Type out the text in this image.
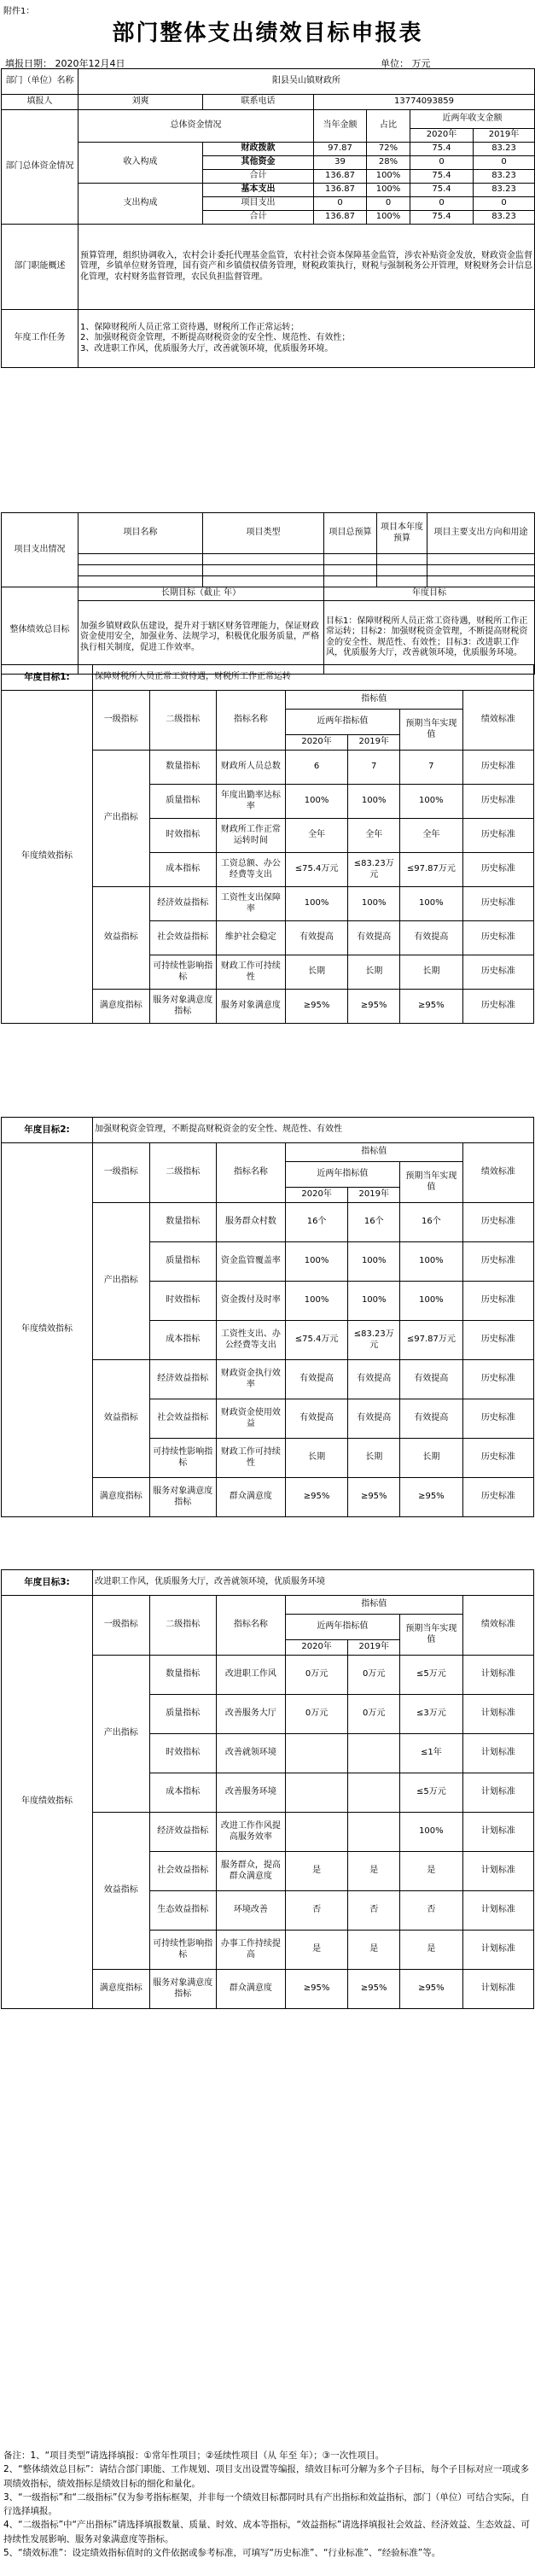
附件1：
部门整体支出绩效目标申报表
填报日期： 2020年12月4日	单位： 万元
部门（单位）名称	阳县吴山镇财政所					
填报人	刘爽	联系电话	13774093859			
部门总体资金情况	总体资金情况		当年金额	占比	近两年收支金额	
					2020年	2019年
	收入构成	财政拨款	97.87	72%	75.4	83.23
		其他资金	39	28%	0	0
		合计	136.87	100%	75.4	83.23
	支出构成	基本支出	136.87	100%	75.4	83.23
		项目支出	0	0	0	0
		合计	136.87	100%	75.4	83.23
部门职能概述	预算管理，组织协调收入，农村会计委托代理基金监管，农村社会资本保障基金监管，涉农补贴资金发放，财政资金监督管理，乡镇单位财务管理，国有资产和乡镇债权债务管理，财税政策执行，财税与强制税务公开管理，财税财务会计信息化管理，农村财务监督管理，农民负担监督管理。					
年度工作任务	1、保障财税所人员正常工资待遇，财税所工作正常运转；
2、加强财税资金管理，不断提高财税资金的安全性、规范性、有效性；
3、改进职工作风，优质服务大厅，改善就领环境，优质服务环境。					
项目支出情况	项目名称	项目类型	项目总预算	项目本年度预算	项目主要支出方向和用途

整体绩效总目标	长期目标（截止 年）		年度目标		
	加强乡镇财政队伍建设，提升对于辖区财务管理能力，保证财政资金使用安全，加强业务、法规学习，积极优化服务质量，严格执行相关制度，促进工作效率。		目标1：保障财税所人员正常工资待遇，财税所工作正常运转；目标2：加强财税资金管理，不断提高财税资金的安全性、规范性、有效性；目标3：改进职工作风，优质服务大厅，改善就领环境，优质服务环境。		
年度目标1:	保障财税所人员正常工资待遇，财税所工作正常运转						
年度绩效指标	一级指标	二级指标	指标名称	指标值			绩效标准
				近两年指标值		预期当年实现值	
				2020年	2019年		
	产出指标	数量指标	财政所人员总数	6	7	7	历史标准
		质量指标	年度出勤率达标率	100%	100%	100%	历史标准
		时效指标	财政所工作正常运转时间	全年	全年	全年	历史标准
		成本指标	工资总额、办公经费等支出	≤75.4万元	≤83.23万元	≤97.87万元	历史标准
	效益指标	经济效益指标	工资性支出保障率	100%	100%	100%	历史标准
		社会效益指标	维护社会稳定	有效提高	有效提高	有效提高	历史标准
		可持续性影响指标	财政工作可持续性	长期	长期	长期	历史标准
	满意度指标	服务对象满意度指标	服务对象满意度	≥95%	≥95%	≥95%	历史标准
年度目标2:	加强财税资金管理，不断提高财税资金的安全性、规范性、有效性						
年度绩效指标	一级指标	二级指标	指标名称	指标值			绩效标准
				近两年指标值		预期当年实现值	
				2020年	2019年		
	产出指标	数量指标	服务群众村数	16个	16个	16个	历史标准
		质量指标	资金监管覆盖率	100%	100%	100%	历史标准
		时效指标	资金拨付及时率	100%	100%	100%	历史标准
		成本指标	工资性支出、办公经费等支出	≤75.4万元	≤83.23万元	≤97.87万元	历史标准
	效益指标	经济效益指标	财政资金执行效率	有效提高	有效提高	有效提高	历史标准
		社会效益指标	财政资金使用效益	有效提高	有效提高	有效提高	历史标准
		可持续性影响指标	财政工作可持续性	长期	长期	长期	历史标准
	满意度指标	服务对象满意度指标	群众满意度	≥95%	≥95%	≥95%	历史标准
年度目标3:	改进职工作风，优质服务大厅，改善就领环境，优质服务环境						
年度绩效指标	一级指标	二级指标	指标名称	指标值			绩效标准
				近两年指标值		预期当年实现值	
				2020年	2019年		
	产出指标	数量指标	改进职工作风	0万元	0万元	≤5万元	计划标准
		质量指标	改善服务大厅	0万元	0万元	≤3万元	计划标准
		时效指标	改善就领环境			≤1年	计划标准
		成本指标	改善服务环境			≤5万元	计划标准
	效益指标	经济效益指标	改进工作作风提高服务效率			100%	计划标准
		社会效益指标	服务群众，提高群众满意度	是	是	是	计划标准
		生态效益指标	环境改善	否	否	否	计划标准
		可持续性影响指标	办事工作持续提高	是	是	是	计划标准
	满意度指标	服务对象满意度指标	群众满意度	≥95%	≥95%	≥95%	计划标准

备注：1、“项目类型”请选择填报：①常年性项目；②延续性项目（从 年至 年）；③一次性项目。

2、“整体绩效总目标”：请结合部门职能、工作规划、项目支出设置等编报，绩效目标可分解为多个子目标，每个子目标对应一项或多项绩效指标，绩效指标是绩效目标的细化和量化。

3、“一级指标”和“二级指标”仅为参考指标框架，并非每一个绩效目标都同时具有产出指标和效益指标，部门（单位）可结合实际，自行选择填报。

4、“二级指标”中“产出指标”请选择填报数量、质量、时效、成本等指标，“效益指标”请选择填报社会效益、经济效益、生态效益、可持续性发展影响、服务对象满意度等指标。

5、“绩效标准”：设定绩效指标值时的文件依据或参考标准，可填写“历史标准”、“行业标准”、“经验标准”等。
